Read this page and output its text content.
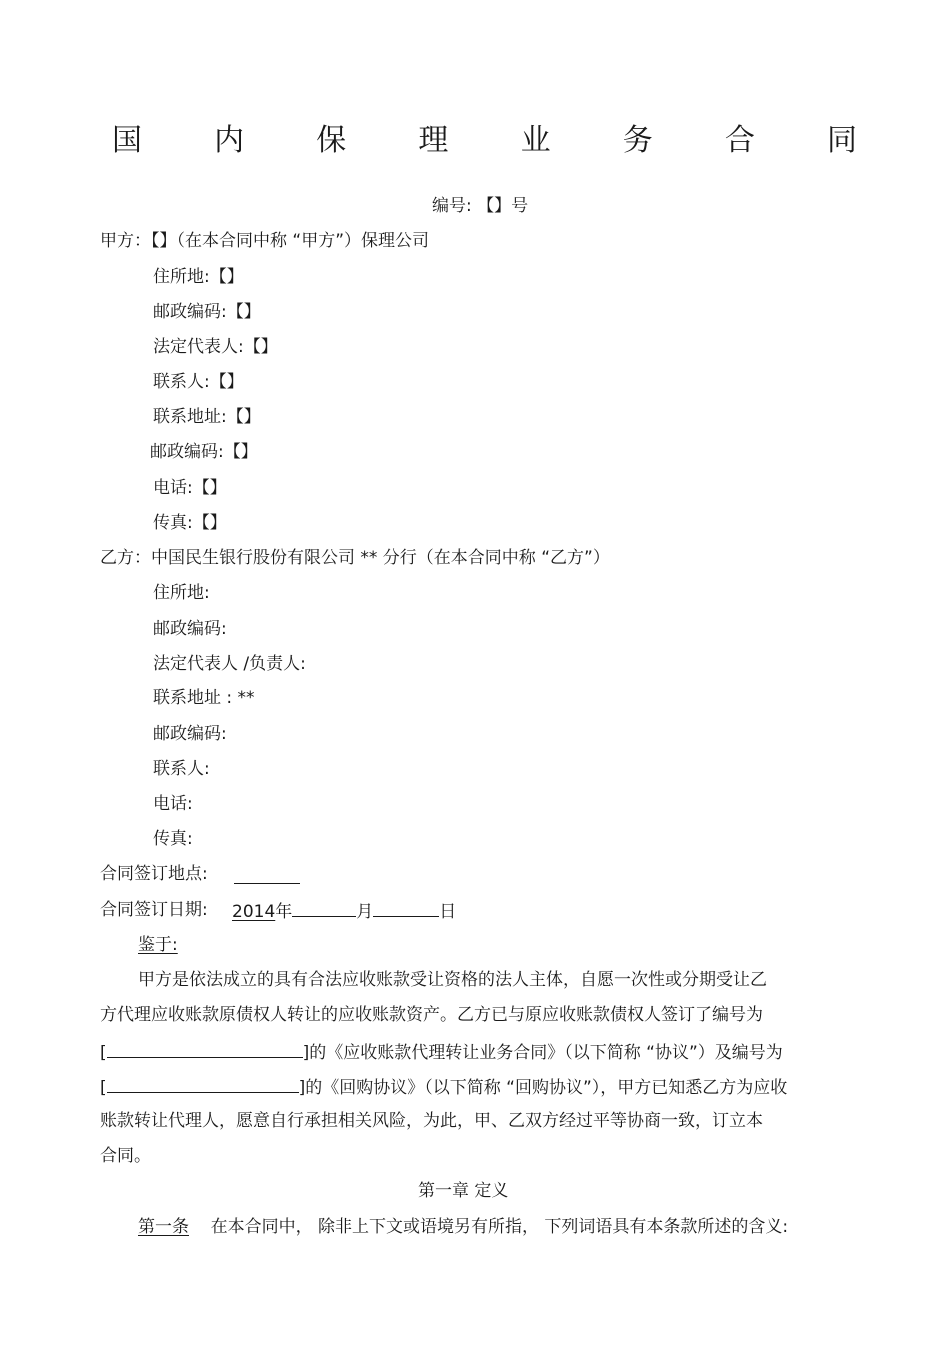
国 内 保 理 业 务 合 同
编号: 【】号
甲方：【】（在本合同中称 “甲方”）保理公司
住所地:【】
邮政编码:【】
法定代表人:【】
联系人:【】
联系地址:【】
邮政编码:【】
电话:【】
传真:【】
乙方：中国民生银行股份有限公司 ** 分行（在本合同中称 “乙方”）
住所地:
邮政编码:
法定代表人 /负责人:
联系地址 : **
邮政编码:
联系人:
电话:
传真:
合同签订地点:
合同签订日期: 2014年	月	日
鉴于:
甲方是依法成立的具有合法应收账款受让资格的法人主体，自愿一次性或分期受让乙
方代理应收账款原债权人转让的应收账款资产。乙方已与原应收账款债权人签订了编号为
[	]的《应收账款代理转让业务合同》（以下简称 “协议”）及编号为
[	]的《回购协议》（以下简称 “回购协议”），甲方已知悉乙方为应收
账款转让代理人，愿意自行承担相关风险，为此，甲、乙双方经过平等协商一致，订立本
合同。
第一章 定义
第一条 在本合同中， 除非上下文或语境另有所指， 下列词语具有本条款所述的含义:
